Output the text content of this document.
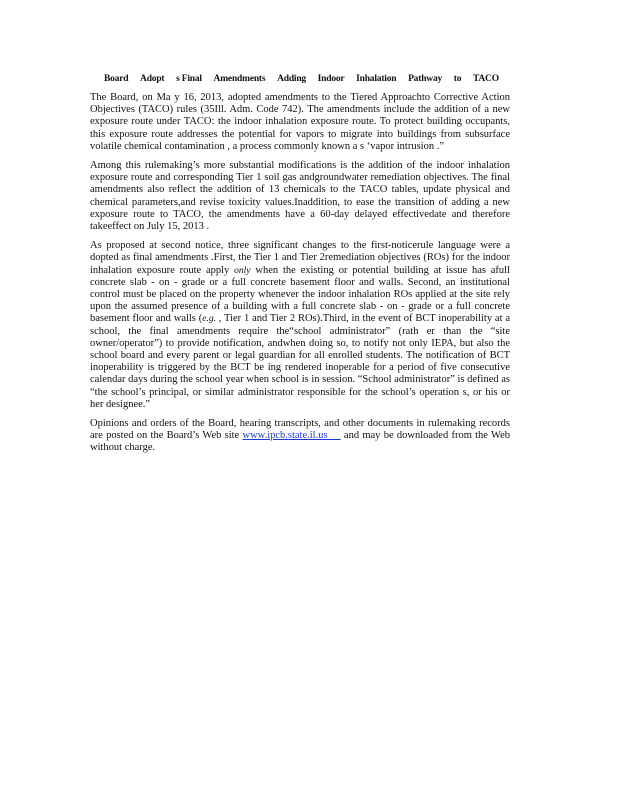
Board Adopt s Final Amendments Adding Indoor Inhalation Pathway to TACO

The Board, on Ma y 16, 2013, adopted amendments to the Tiered Approachto Corrective Action Objectives (TACO) rules (35Ill. Adm. Code 742). The amendments include the addition of a new exposure route under TACO: the indoor inhalation exposure route. To protect building occupants, this exposure route addresses the potential for vapors to migrate into buildings from subsurface volatile chemical contamination , a process commonly known a s ‘vapor intrusion .”

Among this rulemaking’s more substantial modifications is the addition of the indoor inhalation exposure route and corresponding Tier 1 soil gas andgroundwater remediation objectives. The final amendments also reflect the addition of 13 chemicals to the TACO tables, update physical and chemical parameters,and revise toxicity values.Inaddition, to ease the transition of adding a new exposure route to TACO, the amendments have a 60-day delayed effectivedate and therefore takeeffect on July 15, 2013 .

As proposed at second notice, three significant changes to the first-noticerule language were a dopted as final amendments .First, the Tier 1 and Tier 2remediation objectives (ROs) for the indoor inhalation exposure route apply only when the existing or potential building at issue has afull concrete slab - on - grade or a full concrete basement floor and walls. Second, an institutional control must be placed on the property whenever the indoor inhalation ROs applied at the site rely upon the assumed presence of a building with a full concrete slab - on - grade or a full concrete basement floor and walls (e.g. , Tier 1 and Tier 2 ROs).Third, in the event of BCT inoperability at a school, the final amendments require the“school administrator” (rath er than the “site owner/operator”) to provide notification, andwhen doing so, to notify not only IEPA, but also the school board and every parent or legal guardian for all enrolled students. The notification of BCT inoperability is triggered by the BCT be ing rendered inoperable for a period of five consecutive calendar days during the school year when school is in session. “School administrator” is defined as “the school’s principal, or similar administrator responsible for the school’s operation s, or his or her designee.”

Opinions and orders of the Board, hearing transcripts, and other documents in rulemaking records are posted on the Board’s Web site www.ipcb.state.il.us and may be downloaded from the Web without charge.
